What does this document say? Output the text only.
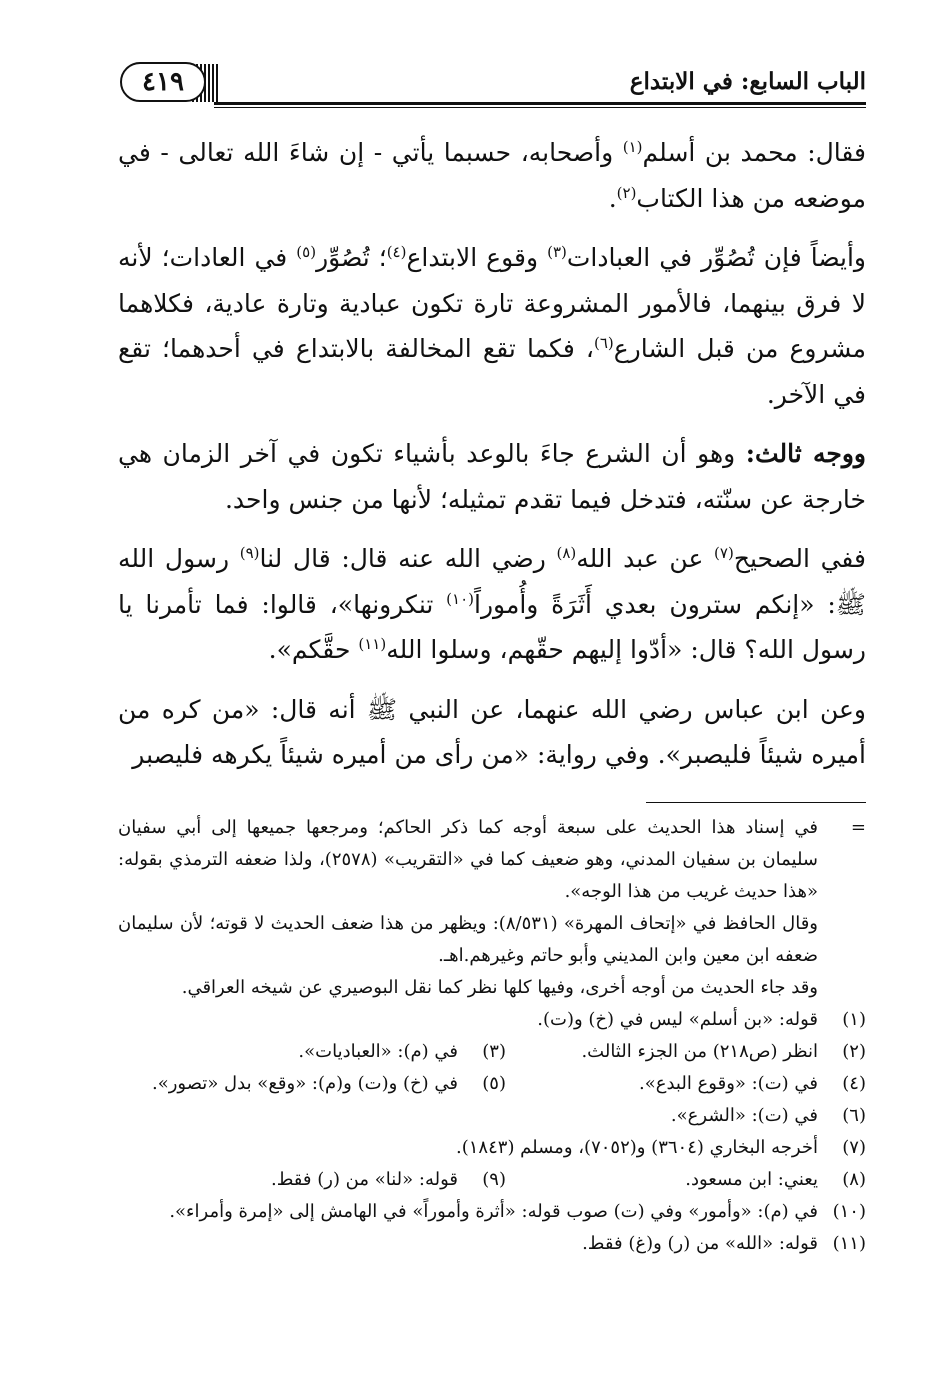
٤١٩	الباب السابع: في الابتداع

فقال: محمد بن أسلم$^{(١)}$ وأصحابه، حسبما يأتي - إن شاءَ الله تعالى - في موضعه من هذا الكتاب$^{(٢)}$.

وأيضاً فإن تُصُوِّر في العبادات$^{(٣)}$ وقوع الابتداع$^{(٤)}$؛ تُصُوِّر$^{(٥)}$ في العادات؛ لأنه لا فرق بينهما، فالأمور المشروعة تارة تكون عبادية وتارة عادية، فكلاهما مشروع من قبل الشارع$^{(٦)}$، فكما تقع المخالفة بالابتداع في أحدهما؛ تقع في الآخر.

ووجه ثالث: وهو أن الشرع جاءَ بالوعد بأشياء تكون في آخر الزمان هي خارجة عن سنّته، فتدخل فيما تقدم تمثيله؛ لأنها من جنس واحد.

ففي الصحيح$^{(٧)}$ عن عبد الله$^{(٨)}$ رضي الله عنه قال: قال لنا$^{(٩)}$ رسول الله ﷺ: «إنكم سترون بعدي أَثَرَةً وأُموراً$^{(١٠)}$ تنكرونها»، قالوا: فما تأمرنا يا رسول الله؟ قال: «أدّوا إليهم حقّهم، وسلوا الله$^{(١١)}$ حقَّكم».

وعن ابن عباس رضي الله عنهما، عن النبي ﷺ أنه قال: «من كره من أميره شيئاً فليصبر». وفي رواية: «من رأى من أميره شيئاً يكرهه فليصبر

=

في إسناد هذا الحديث على سبعة أوجه كما ذكر الحاكم؛ ومرجعها جميعها إلى أبي سفيان سليمان بن سفيان المدني، وهو ضعيف كما في «التقريب» (٢٥٧٨)، ولذا ضعفه الترمذي بقوله: «هذا حديث غريب من هذا الوجه».

وقال الحافظ في «إتحاف المهرة» (٨/٥٣١): ويظهر من هذا ضعف الحديث لا قوته؛ لأن سليمان ضعفه ابن معين وابن المديني وأبو حاتم وغيرهم.اهـ.

وقد جاء الحديث من أوجه أخرى، وفيها كلها نظر كما نقل البوصيري عن شيخه العراقي.

(١)
قوله: «بن أسلم» ليس في (خ) و(ت).
(٢)
انظر (ص٢١٨) من الجزء الثالث.
(٣)
في (م): «العباديات».
(٤)
في (ت): «وقوع البدع».
(٥)
في (خ) و(ت) و(م): «وقع» بدل «تصور».
(٦)
في (ت): «الشرع».
(٧)
أخرجه البخاري (٣٦٠٤) و(٧٠٥٢)، ومسلم (١٨٤٣).
(٨)
يعني: ابن مسعود.
(٩)
قوله: «لنا» من (ر) فقط.
(١٠)
في (م): «وأمور» وفي (ت) صوب قوله: «أثرة وأموراً» في الهامش إلى «إمرة وأمراء».
(١١)
قوله: «الله» من (ر) و(غ) فقط.
